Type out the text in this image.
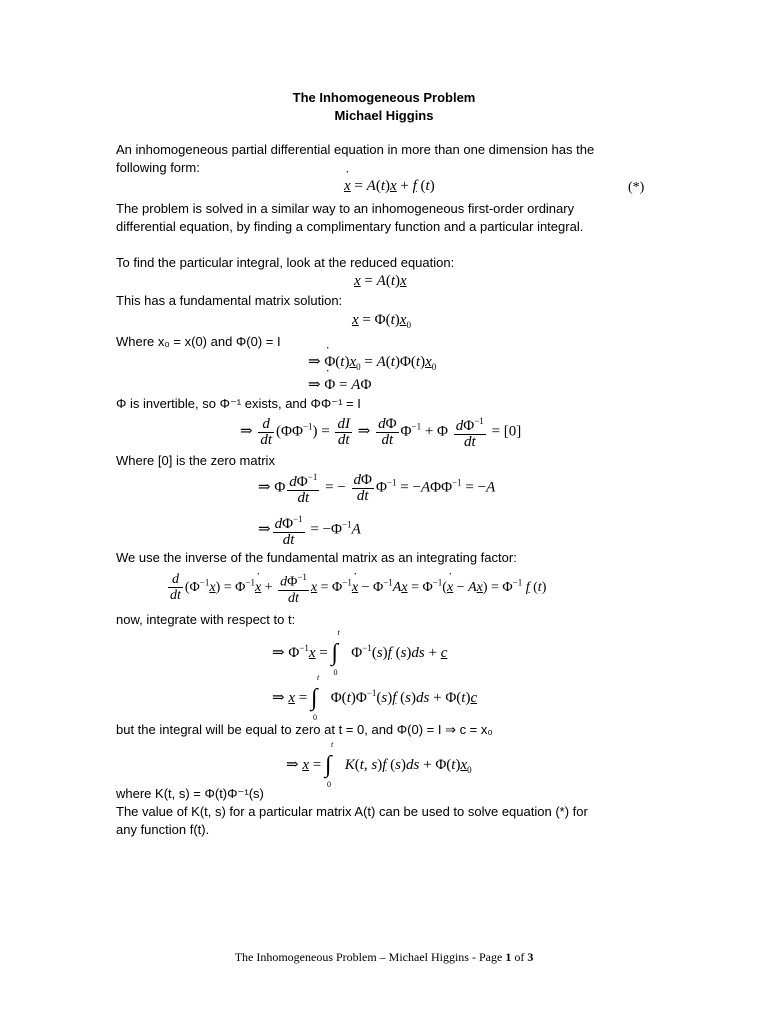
The Inhomogeneous Problem
Michael Higgins
An inhomogeneous partial differential equation in more than one dimension has the
following form:
˙ x = A(t)x + f (t)	(*)
The problem is solved in a similar way to an inhomogeneous first-order ordinary
differential equation, by finding a complimentary function and a particular integral.
To find the particular integral, look at the reduced equation:
˙ x = A(t)x
This has a fundamental matrix solution:
$x = \Phi(t)x_0$
Where x₀ = x(0) and Φ(0) = I
⇒ ˙ $\Phi(t)x_0 = A(t)\Phi(t)x_0$
⇒ ˙ Φ = AΦ
Φ is invertible, so Φ⁻¹ exists, and ΦΦ⁻¹ = I
⇒ $\frac{d}{dt} (\Phi\Phi^{-1}) = \frac{dI}{dt}$ ⇒ $\frac{d\Phi}{dt} \Phi^{-1} + \Phi \frac{d\Phi^{-1}}{dt} = [0]$
Where [0] is the zero matrix
⇒ Φ $\frac{d\Phi^{-1}}{dt}$ = − $\frac{d\Phi}{dt} \Phi^{-1} = -A\Phi\Phi^{-1} = -A$
⇒ $\frac{d\Phi^{-1}}{dt} = -\Phi^{-1}A$
We use the inverse of the fundamental matrix as an integrating factor:
$\frac{d}{dt} (\Phi^{-1}x)$ = $\Phi^{-1}˙$ $x + \frac{d\Phi^{-1}}{dt}$ $x = \Phi^{-1}˙$ $x - \Phi^{-1}Ax$ = $\Phi^{-1}(˙$ $x - Ax) = \Phi^{-1}$ f (t)
now, integrate with respect to t:
⇒ $\Phi^{-1}x$ = ∫
t
0
$\Phi^{-1}(s)f$ (s)ds + c
⇒ x = ∫
t
0
$\Phi(t)\Phi^{-1}(s)f$ (s)ds + Φ(t)c
but the integral will be equal to zero at t = 0, and Φ(0) = I ⇒ c = x₀
⇒ x = ∫
t
0
K(t, s)f $(s)ds + \Phi(t)x_0$
where K(t, s) = Φ(t)Φ⁻¹(s)
The value of K(t, s) for a particular matrix A(t) can be used to solve equation (*) for
any function f(t).
The Inhomogeneous Problem – Michael Higgins - Page 1 of 3
